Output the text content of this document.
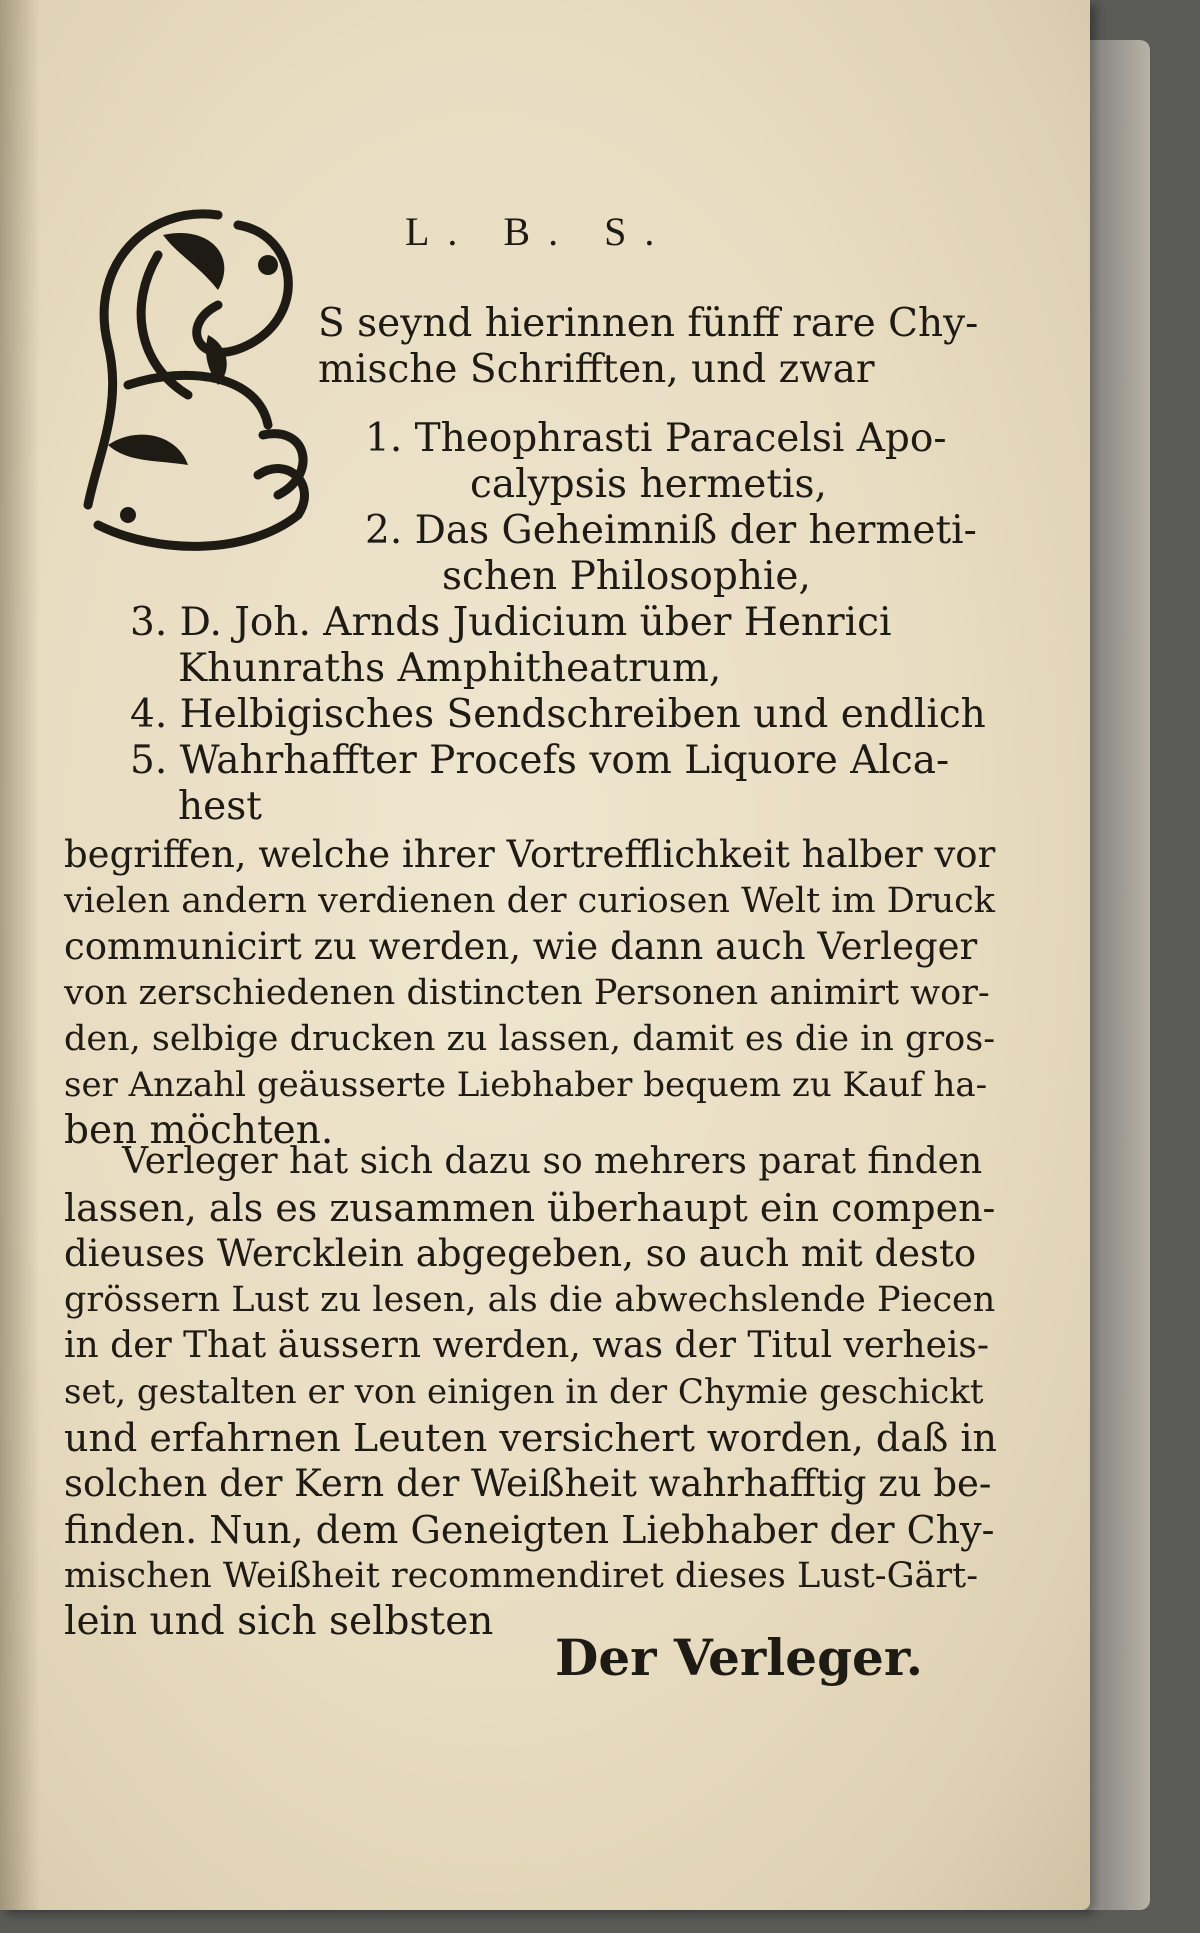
L. B. S.
S seynd hierinnen fünff rare Chy-
mische Schrifften, und zwar
1. Theophrasti Paracelsi Apo-
calypsis hermetis,
2. Das Geheimniß der hermeti-
schen Philosophie,
3. D. Joh. Arnds Judicium über Henrici
Khunraths Amphitheatrum,
4. Helbigisches Sendschreiben und endlich
5. Wahrhaffter Procefs vom Liquore Alca-
hest
begriffen, welche ihrer Vortrefflichkeit halber vor
vielen andern verdienen der curiosen Welt im Druck
communicirt zu werden, wie dann auch Verleger
von zerschiedenen distincten Personen animirt wor-
den, selbige drucken zu lassen, damit es die in gros-
ser Anzahl geäusserte Liebhaber bequem zu Kauf ha-
ben möchten.
Verleger hat sich dazu so mehrers parat finden
lassen, als es zusammen überhaupt ein compen-
dieuses Wercklein abgegeben, so auch mit desto
grössern Lust zu lesen, als die abwechslende Piecen
in der That äussern werden, was der Titul verheis-
set, gestalten er von einigen in der Chymie geschickt
und erfahrnen Leuten versichert worden, daß in
solchen der Kern der Weißheit wahrhafftig zu be-
finden. Nun, dem Geneigten Liebhaber der Chy-
mischen Weißheit recommendiret dieses Lust-Gärt-
lein und sich selbsten
Der Verleger.
